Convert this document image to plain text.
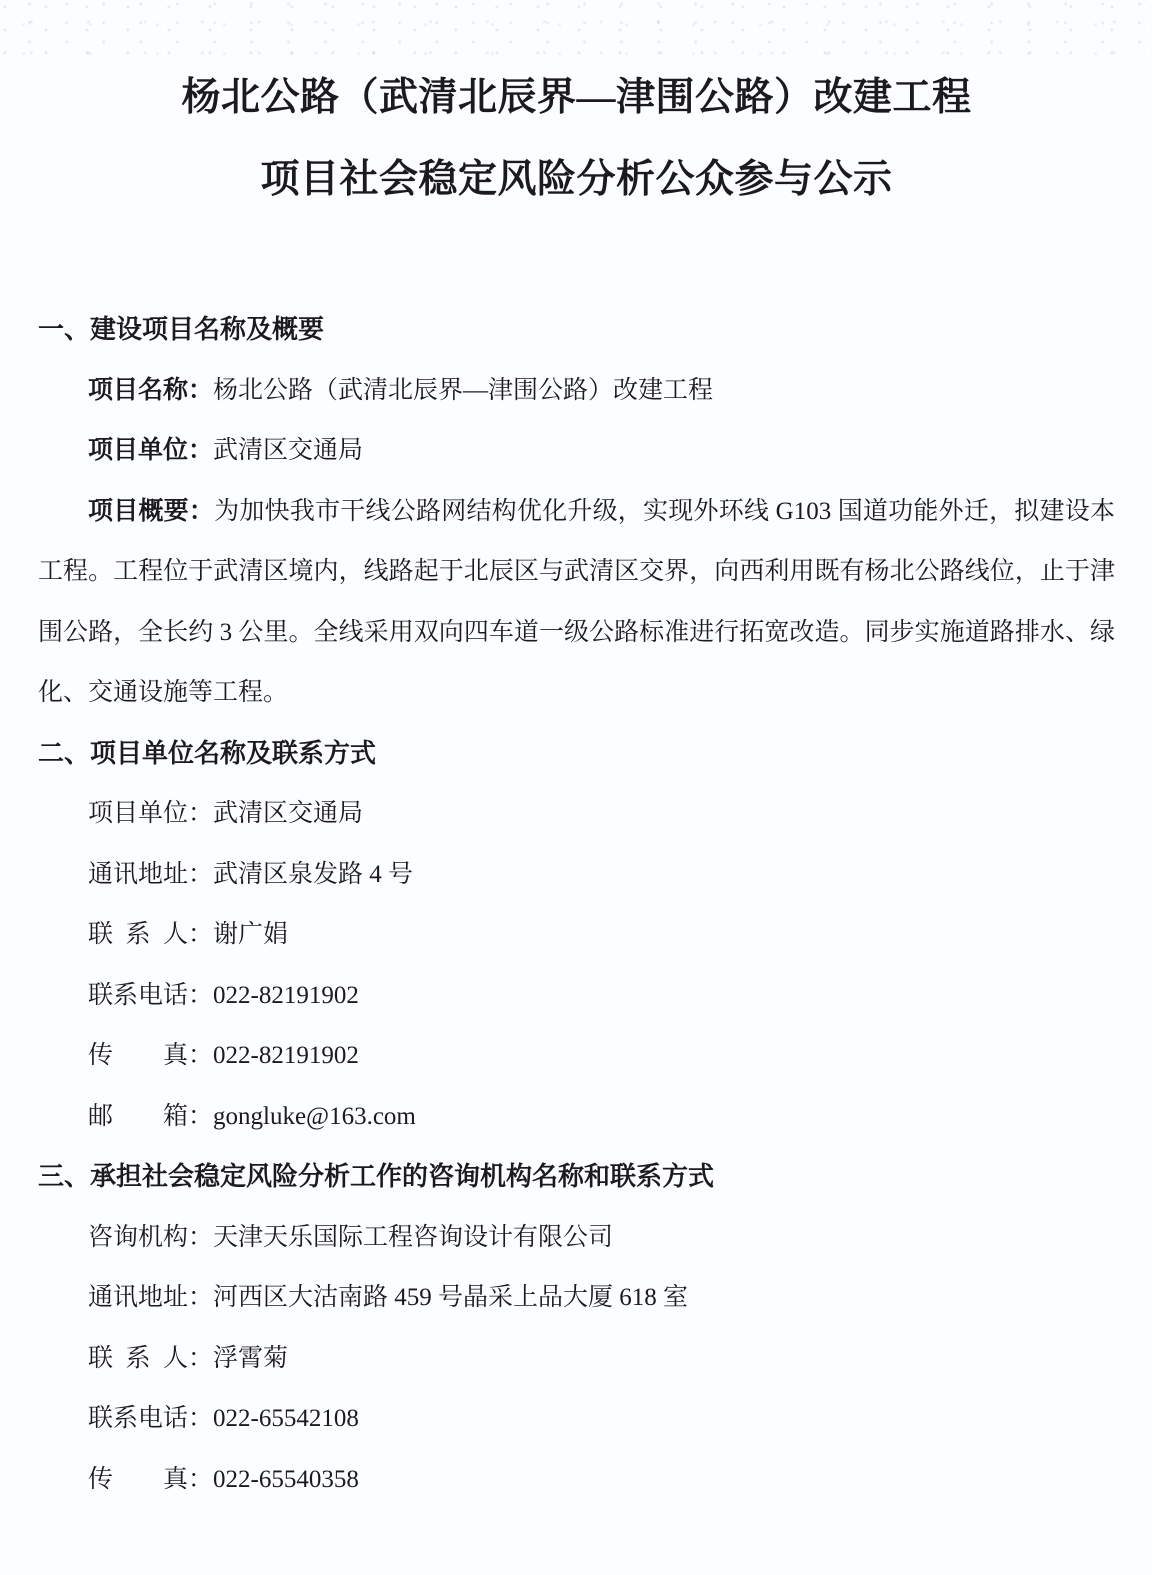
杨北公路（武清北辰界—津围公路）改建工程
项目社会稳定风险分析公众参与公示
一、建设项目名称及概要
项 目 名 称 ：杨北公路（武清北辰界—津围公路）改建工程
项 目 单 位 ：武清区交通局
项目概要：为加快我市干线公路网结构优化升级，实现外环线 G103 国道功能外迁，拟建设本
工程。工程位于武清区境内，线路起于北辰区与武清区交界，向西利用既有杨北公路线位，止于津
围公路，全长约 3 公里。全线采用双向四车道一级公路标准进行拓宽改造。同步实施道路排水、绿
化、交通设施等工程。
二、项目单位名称及联系方式
项 目 单 位 ：武清区交通局
通 讯 地 址 ：武清区泉发路 4 号
联 系 人 ：谢广娟
联 系 电 话 ：022-82191902
传 真 ：022-82191902
邮 箱 ：gongluke@163.com
三、承担社会稳定风险分析工作的咨询机构名称和联系方式
咨 询 机 构 ：天津天乐国际工程咨询设计有限公司
通 讯 地 址 ：河西区大沽南路 459 号晶采上品大厦 618 室
联 系 人 ：浮霄菊
联 系 电 话 ：022-65542108
传 真 ：022-65540358
